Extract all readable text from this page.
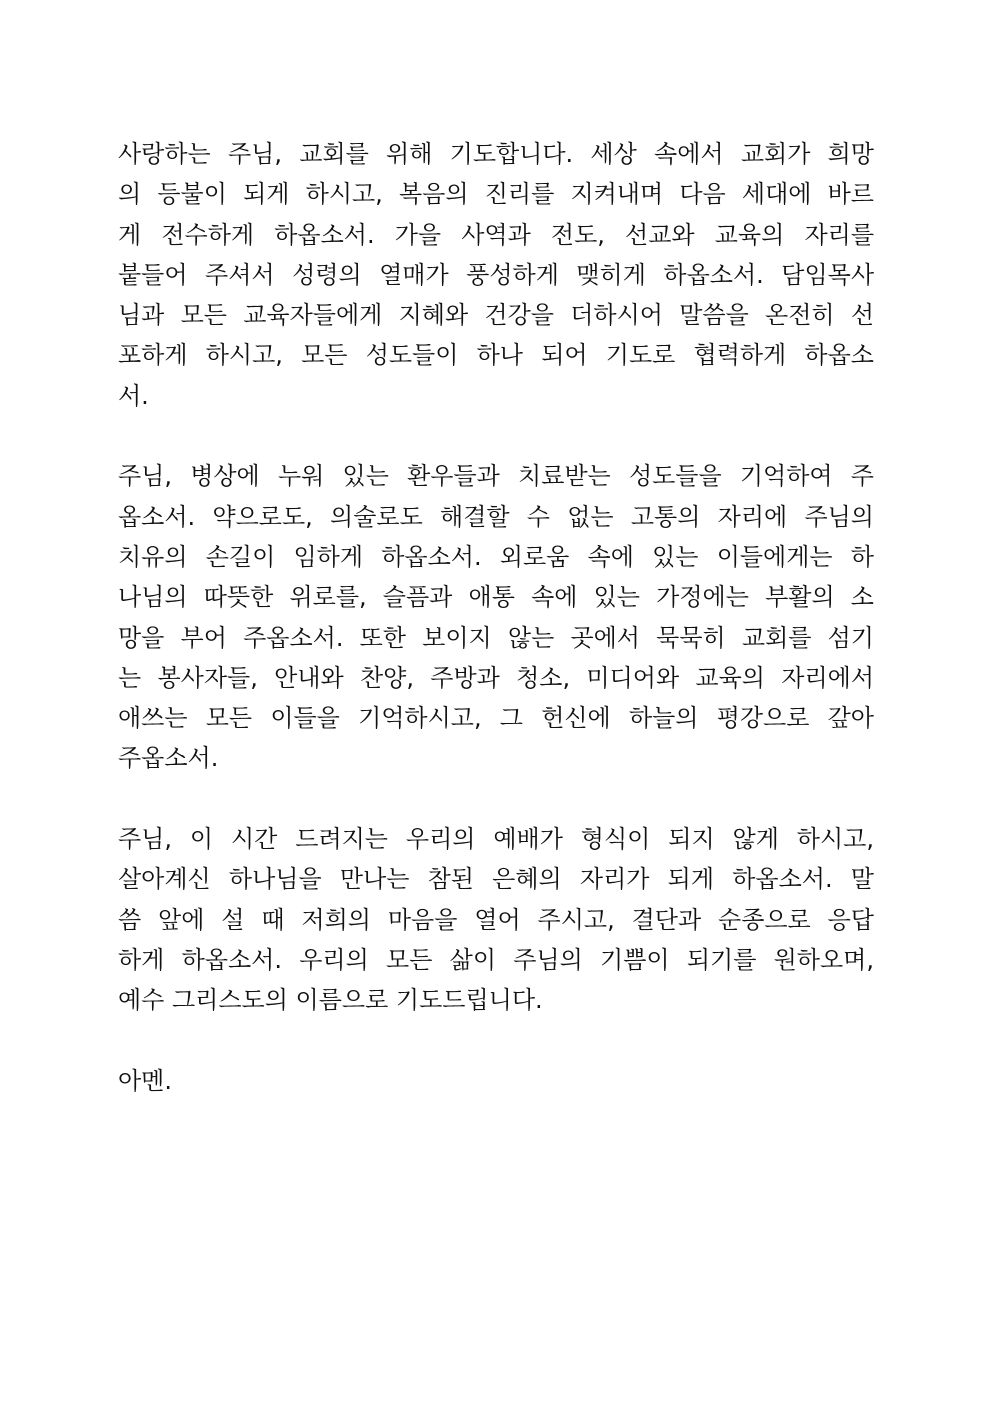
사랑하는 주님, 교회를 위해 기도합니다. 세상 속에서 교회가 희망
의 등불이 되게 하시고, 복음의 진리를 지켜내며 다음 세대에 바르
게 전수하게 하옵소서. 가을 사역과 전도, 선교와 교육의 자리를
붙들어 주셔서 성령의 열매가 풍성하게 맺히게 하옵소서. 담임목사
님과 모든 교육자들에게 지혜와 건강을 더하시어 말씀을 온전히 선
포하게 하시고, 모든 성도들이 하나 되어 기도로 협력하게 하옵소
서.

주님, 병상에 누워 있는 환우들과 치료받는 성도들을 기억하여 주
옵소서. 약으로도, 의술로도 해결할 수 없는 고통의 자리에 주님의
치유의 손길이 임하게 하옵소서. 외로움 속에 있는 이들에게는 하
나님의 따뜻한 위로를, 슬픔과 애통 속에 있는 가정에는 부활의 소
망을 부어 주옵소서. 또한 보이지 않는 곳에서 묵묵히 교회를 섬기
는 봉사자들, 안내와 찬양, 주방과 청소, 미디어와 교육의 자리에서
애쓰는 모든 이들을 기억하시고, 그 헌신에 하늘의 평강으로 갚아
주옵소서.

주님, 이 시간 드려지는 우리의 예배가 형식이 되지 않게 하시고,
살아계신 하나님을 만나는 참된 은혜의 자리가 되게 하옵소서. 말
씀 앞에 설 때 저희의 마음을 열어 주시고, 결단과 순종으로 응답
하게 하옵소서. 우리의 모든 삶이 주님의 기쁨이 되기를 원하오며,
예수 그리스도의 이름으로 기도드립니다.

아멘.
